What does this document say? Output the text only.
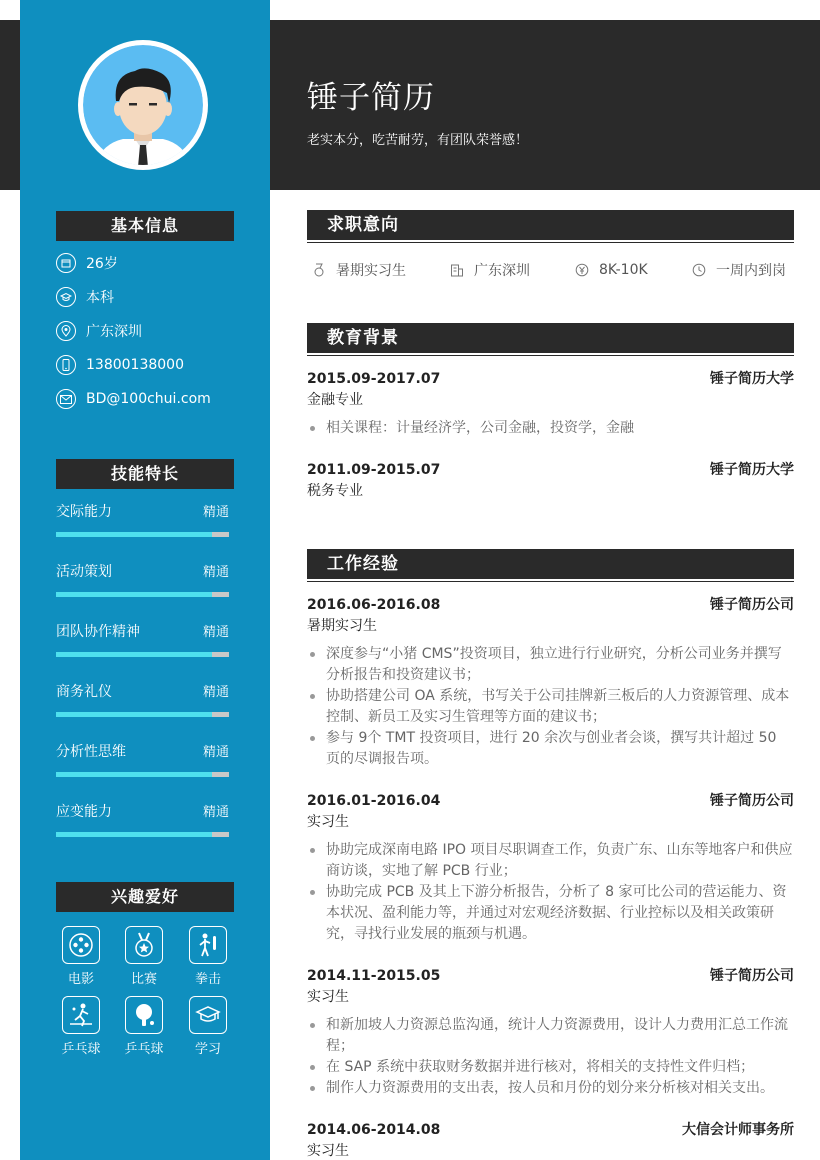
锤子简历
老实本分，吃苦耐劳，有团队荣誉感！
基本信息
26岁
本科
广东深圳
13800138000
BD@100chui.com
技能特长
交际能力	精通
活动策划	精通
团队协作精神	精通
商务礼仪	精通
分析性思维	精通
应变能力	精通
兴趣爱好
电影	比赛	拳击
乒乓球	乒乓球	学习
求职意向
暑期实习生	广东深圳	8K-10K	一周内到岗
教育背景
2015.09-2017.07	锤子简历大学
金融专业
相关课程：计量经济学，公司金融，投资学，金融
2011.09-2015.07	锤子简历大学
税务专业
工作经验
2016.06-2016.08	锤子简历公司
暑期实习生
深度参与“小猪 CMS”投资项目，独立进行行业研究，分析公司业务并撰写分析报告和投资建议书；
协助搭建公司 OA 系统，书写关于公司挂牌新三板后的人力资源管理、成本控制、新员工及实习生管理等方面的建议书；
参与 9个 TMT 投资项目，进行 20 余次与创业者会谈，撰写共计超过 50 页的尽调报告项。
2016.01-2016.04	锤子简历公司
实习生
协助完成深南电路 IPO 项目尽职调查工作，负责广东、山东等地客户和供应商访谈，实地了解 PCB 行业；
协助完成 PCB 及其上下游分析报告，分析了 8 家可比公司的营运能力、资本状况、盈利能力等，并通过对宏观经济数据、行业控标以及相关政策研究，寻找行业发展的瓶颈与机遇。
2014.11-2015.05	锤子简历公司
实习生
和新加坡人力资源总监沟通，统计人力资源费用，设计人力费用汇总工作流程；
在 SAP 系统中获取财务数据并进行核对，将相关的支持性文件归档；
制作人力资源费用的支出表，按人员和月份的划分来分析核对相关支出。
2014.06-2014.08	大信会计师事务所
实习生
